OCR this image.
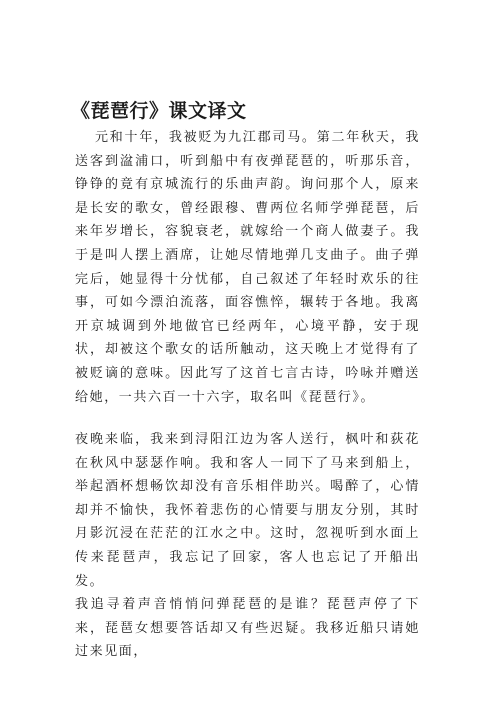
《琵琶行》课文译文
元和十年，我被贬为九江郡司马。第二年秋天，我送客到湓浦口，听到船中有夜弹琵琶的，听那乐音，铮铮的竟有京城流行的乐曲声韵。询问那个人，原来是长安的歌女，曾经跟穆、曹两位名师学弹琵琶，后来年岁增长，容貌衰老，就嫁给一个商人做妻子。我于是叫人摆上酒席，让她尽情地弹几支曲子。曲子弹完后，她显得十分忧郁，自己叙述了年轻时欢乐的往事，可如今漂泊流落，面容憔悴，辗转于各地。我离开京城调到外地做官已经两年，心境平静，安于现状，却被这个歌女的话所触动，这天晚上才觉得有了被贬谪的意味。因此写了这首七言古诗，吟咏并赠送给她，一共六百一十六字，取名叫《琵琶行》。
夜晚来临，我来到浔阳江边为客人送行，枫叶和荻花在秋风中瑟瑟作响。我和客人一同下了马来到船上，举起酒杯想畅饮却没有音乐相伴助兴。喝醉了，心情却并不愉快，我怀着悲伤的心情要与朋友分别，其时月影沉浸在茫茫的江水之中。这时，忽视听到水面上传来琵琶声，我忘记了回家，客人也忘记了开船出发。
我追寻着声音悄悄问弹琵琶的是谁？琵琶声停了下来，琵琶女想要答话却又有些迟疑。我移近船只请她过来见面，
